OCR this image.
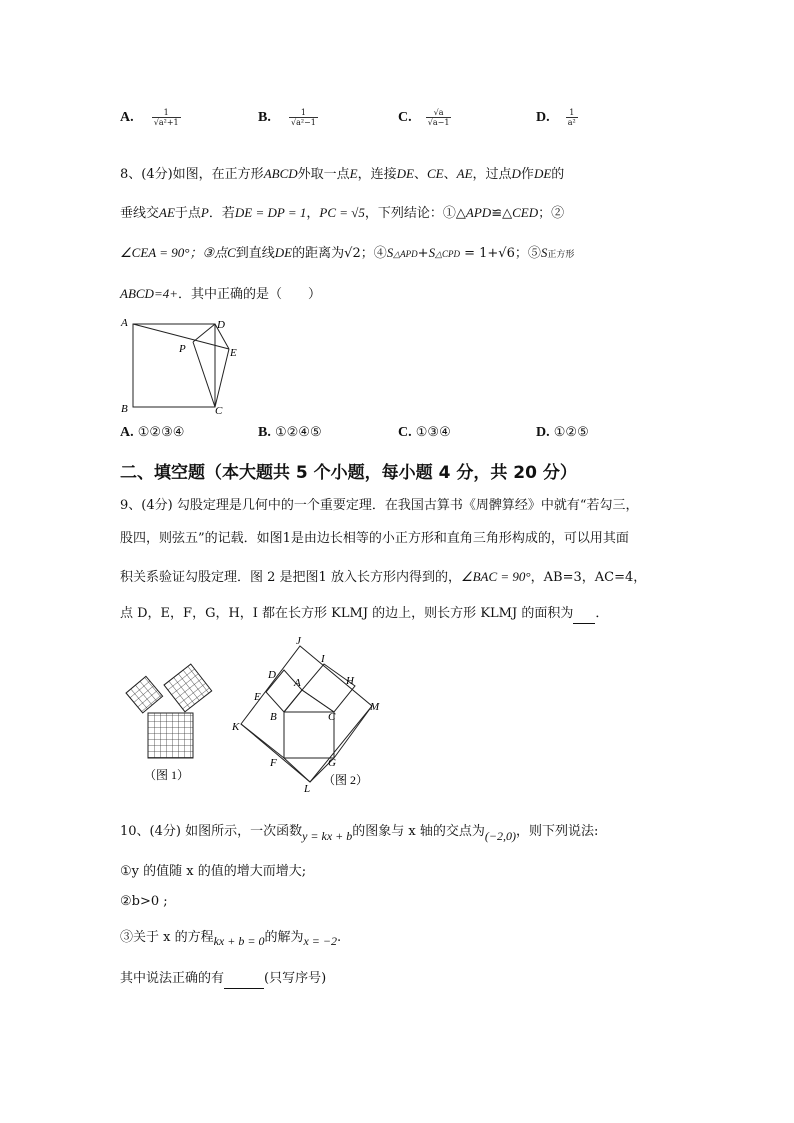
A. $\frac{1}{\text{√a²+1}}$	B. $\frac{1}{\text{√a²−1}}$	C. $\frac{√a}{√a-1}$	D. $\frac{1}{\text{a²}}$
8、(4分)如图，在正方形ABCD外取一点E，连接DE、CE、AE，过点D作DE的
垂线交AE于点P．若DE = DP = 1，PC = √5，下列结论：①△APD≌△CED；②
∠CEA = 90°；③点C到直线DE的距离为√2；④S△APD+S△CPD = 1+√6；⑤S正方形
ABCD=4+．其中正确的是（　　）
A	D
P	E
B	C
A. ①②③④	B. ①②④⑤	C. ①③④	D. ①②⑤
二、填空题（本大题共 5 个小题，每小题 4 分，共 20 分）
9、(4分) 勾股定理是几何中的一个重要定理．在我国古算书《周髀算经》中就有“若勾三，
股四，则弦五”的记载．如图1是由边长相等的小正方形和直角三角形构成的，可以用其面
积关系验证勾股定理．图 2 是把图1 放入长方形内得到的，∠BAC = 90°，AB=3，AC=4，
点 D，E，F，G，H，I 都在长方形 KLMJ 的边上，则长方形 KLMJ 的面积为 ．
（图 1）
J
I
D
A	H
E
M
B	C
K
F	G
L
（图 2）
10、(4分) 如图所示，一次函数y = kx + b的图象与 x 轴的交点为(−2,0)，则下列说法:
①y 的值随 x 的值的增大而增大;
②b>0 ;
③关于 x 的方程kx + b = 0的解为x = −2.
其中说法正确的有	(只写序号)
